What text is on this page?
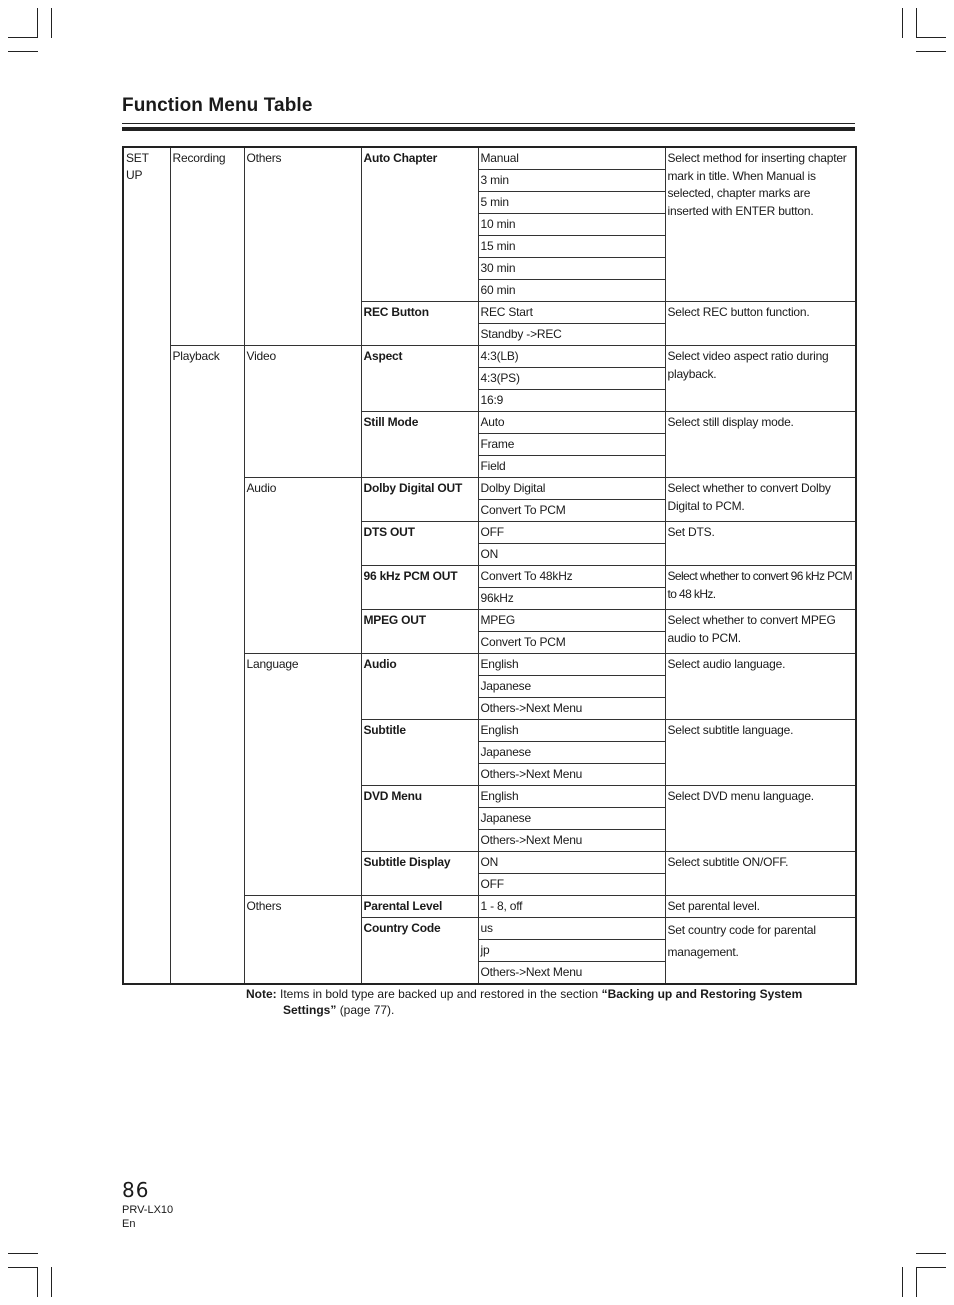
Function Menu Table
SET UP	Recording	Others	Auto Chapter	Manual	Select method for inserting chapter mark in title. When Manual is selected, chapter marks are inserted with ENTER button.
				3 min	
				5 min	
				10 min	
				15 min	
				30 min	
				60 min	
			REC Button	REC Start	Select REC button function.
				Standby ->REC	
	Playback	Video	Aspect	4:3(LB)	Select video aspect ratio during playback.
				4:3(PS)	
				16:9	
			Still Mode	Auto	Select still display mode.
				Frame	
				Field	
		Audio	Dolby Digital OUT	Dolby Digital	Select whether to convert Dolby Digital to PCM.
				Convert To PCM	
			DTS OUT	OFF	Set DTS.
				ON	
			96 kHz PCM OUT	Convert To 48kHz	Select whether to convert 96 kHz PCM to 48 kHz.
				96kHz	
			MPEG OUT	MPEG	Select whether to convert MPEG audio to PCM.
				Convert To PCM	
		Language	Audio	English	Select audio language.
				Japanese	
				Others->Next Menu	
			Subtitle	English	Select subtitle language.
				Japanese	
				Others->Next Menu	
			DVD Menu	English	Select DVD menu language.
				Japanese	
				Others->Next Menu	
			Subtitle Display	ON	Select subtitle ON/OFF.
				OFF	
		Others	Parental Level	1 - 8, off	Set parental level.
			Country Code	us	Set country code for parental management.
				jp	
				Others->Next Menu	
Note: Items in bold type are backed up and restored in the section “Backing up and Restoring System
Settings” (page 77).
86
PRV-LX10
En
